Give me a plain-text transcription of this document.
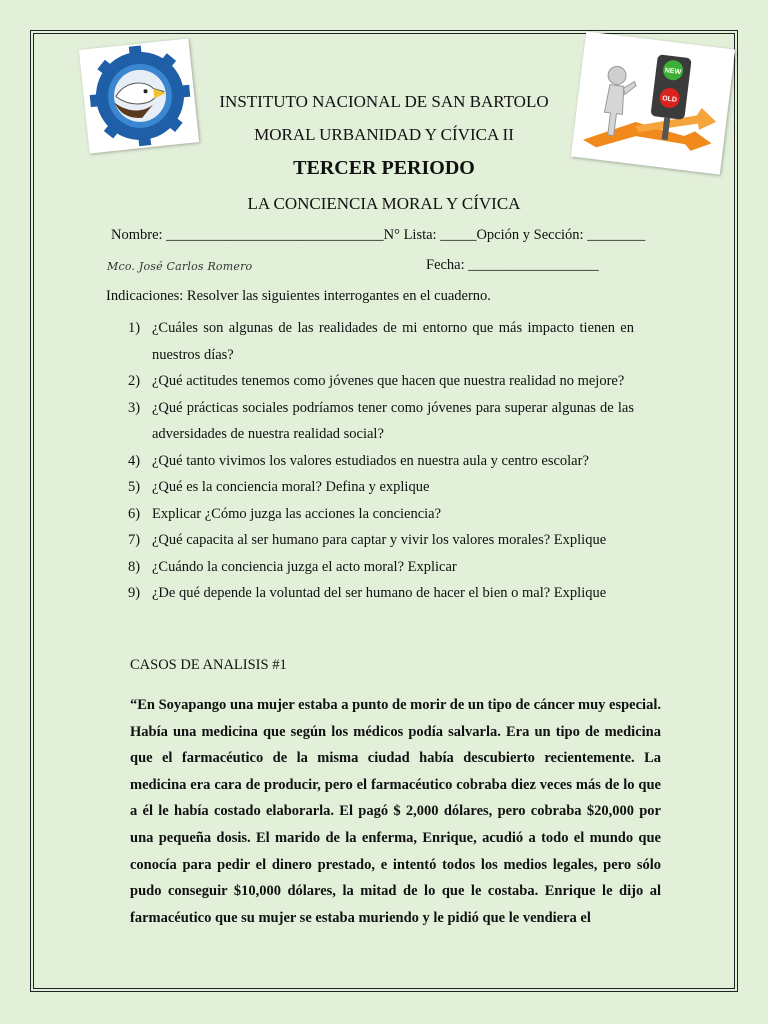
NEW
OLD
INSTITUTO NACIONAL DE SAN BARTOLO
MORAL URBANIDAD Y CÍVICA II
TERCER PERIODO
LA CONCIENCIA MORAL Y CÍVICA
Nombre: ______________________________N° Lista: _____Opción y Sección: ________
Mco. José Carlos Romero	Fecha: __________________
Indicaciones: Resolver las siguientes interrogantes en el cuaderno.
1) ¿Cuáles son algunas de las realidades de mi entorno que más impacto tienen en nuestros días?
2) ¿Qué actitudes tenemos como jóvenes que hacen que nuestra realidad no mejore?
3) ¿Qué prácticas sociales podríamos tener como jóvenes para superar algunas de las adversidades de nuestra realidad social?
4) ¿Qué tanto vivimos los valores estudiados en nuestra aula y centro escolar?
5) ¿Qué es la conciencia moral? Defina y explique
6) Explicar ¿Cómo juzga las acciones la conciencia?
7) ¿Qué capacita al ser humano para captar y vivir los valores morales? Explique
8) ¿Cuándo la conciencia juzga el acto moral? Explicar
9) ¿De qué depende la voluntad del ser humano de hacer el bien o mal? Explique
CASOS DE ANALISIS #1
“En Soyapango una mujer estaba a punto de morir de un tipo de cáncer muy especial. Había una medicina que según los médicos podía salvarla. Era un tipo de medicina que el farmacéutico de la misma ciudad había descubierto recientemente. La medicina era cara de producir, pero el farmacéutico cobraba diez veces más de lo que a él le había costado elaborarla. El pagó $ 2,000 dólares, pero cobraba $20,000 por una pequeña dosis. El marido de la enferma, Enrique, acudió a todo el mundo que conocía para pedir el dinero prestado, e intentó todos los medios legales, pero sólo pudo conseguir $10,000 dólares, la mitad de lo que le costaba. Enrique le dijo al farmacéutico que su mujer se estaba muriendo y le pidió que le vendiera el
